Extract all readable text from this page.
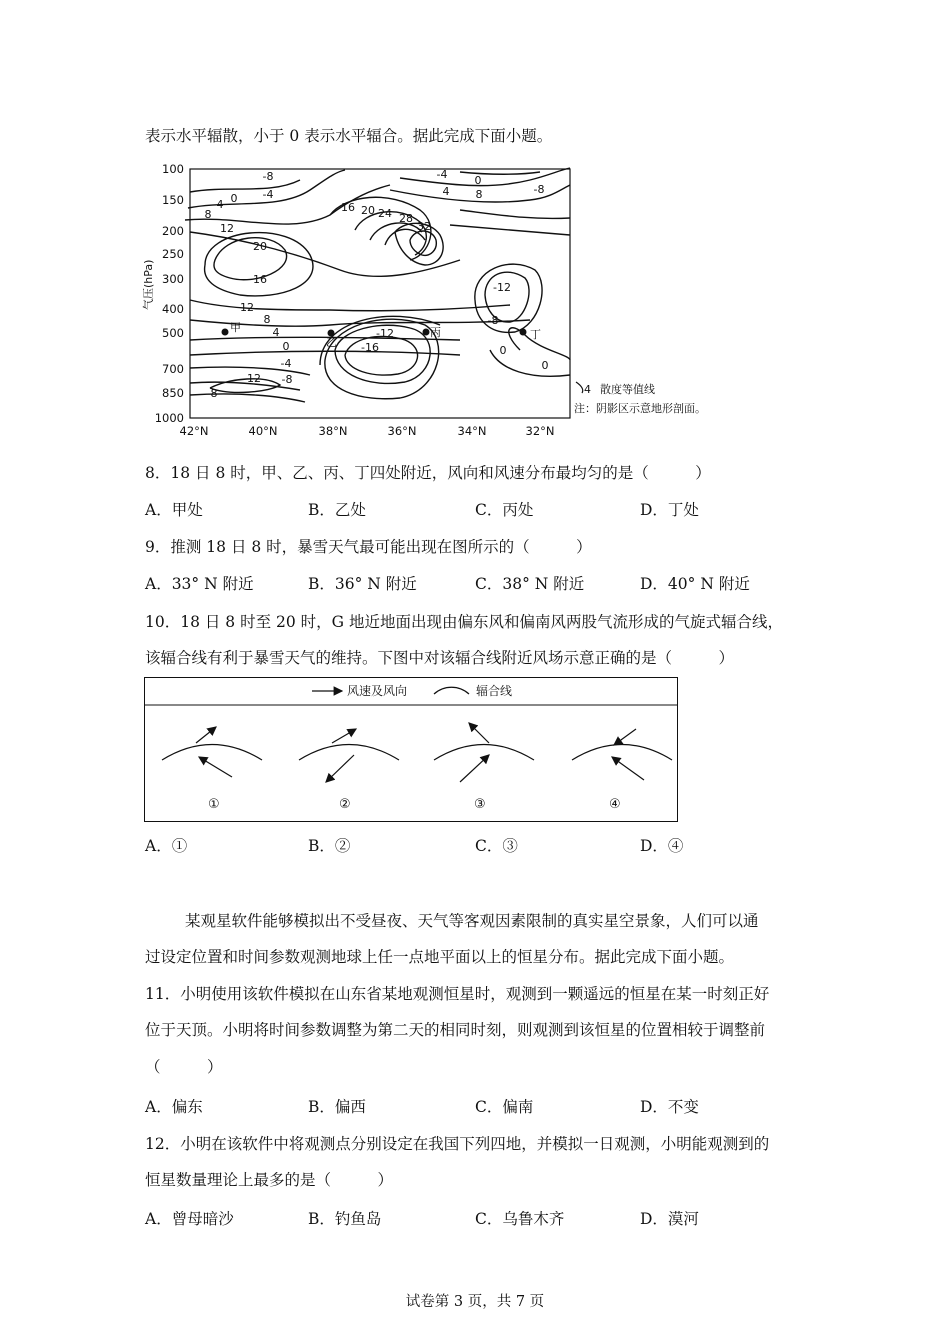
表示水平辐散，小于 0 表示水平辐合。据此完成下面小题。
100
150
200
250
300
400
500
700
850
1000
42°N	40°N	38°N	36°N	34°N	32°N
气压(hPa)
-8
-4
0
4
8
12
20
16
12
8
4
0
-4
-8
-12
-8
16 20 24 28
32
-4 0
4 8	-8
-12
-8
0
0
-12
-16
甲
乙
丙	丁
4 散度等值线
注：阴影区示意地形剖面。
8．18 日 8 时，甲、乙、丙、丁四处附近，风向和风速分布最均匀的是（　　　）
A．甲处	B．乙处	C．丙处	D．丁处
9．推测 18 日 8 时，暴雪天气最可能出现在图所示的（　　　）
A．33° N 附近	B．36° N 附近	C．38° N 附近	D．40° N 附近
10．18 日 8 时至 20 时，G 地近地面出现由偏东风和偏南风两股气流形成的气旋式辐合线，
该辐合线有利于暴雪天气的维持。下图中对该辐合线附近风场示意正确的是（　　　）
风速及风向	辐合线
①	②	③	④
A．①	B．②	C．③	D．④
某观星软件能够模拟出不受昼夜、天气等客观因素限制的真实星空景象，人们可以通
过设定位置和时间参数观测地球上任一点地平面以上的恒星分布。据此完成下面小题。
11．小明使用该软件模拟在山东省某地观测恒星时，观测到一颗遥远的恒星在某一时刻正好
位于天顶。小明将时间参数调整为第二天的相同时刻，则观测到该恒星的位置相较于调整前
（　　　）
A．偏东	B．偏西	C．偏南	D．不变
12．小明在该软件中将观测点分别设定在我国下列四地，并模拟一日观测，小明能观测到的
恒星数量理论上最多的是（　　　）
A．曾母暗沙	B．钓鱼岛	C．乌鲁木齐	D．漠河
试卷第 3 页，共 7 页
